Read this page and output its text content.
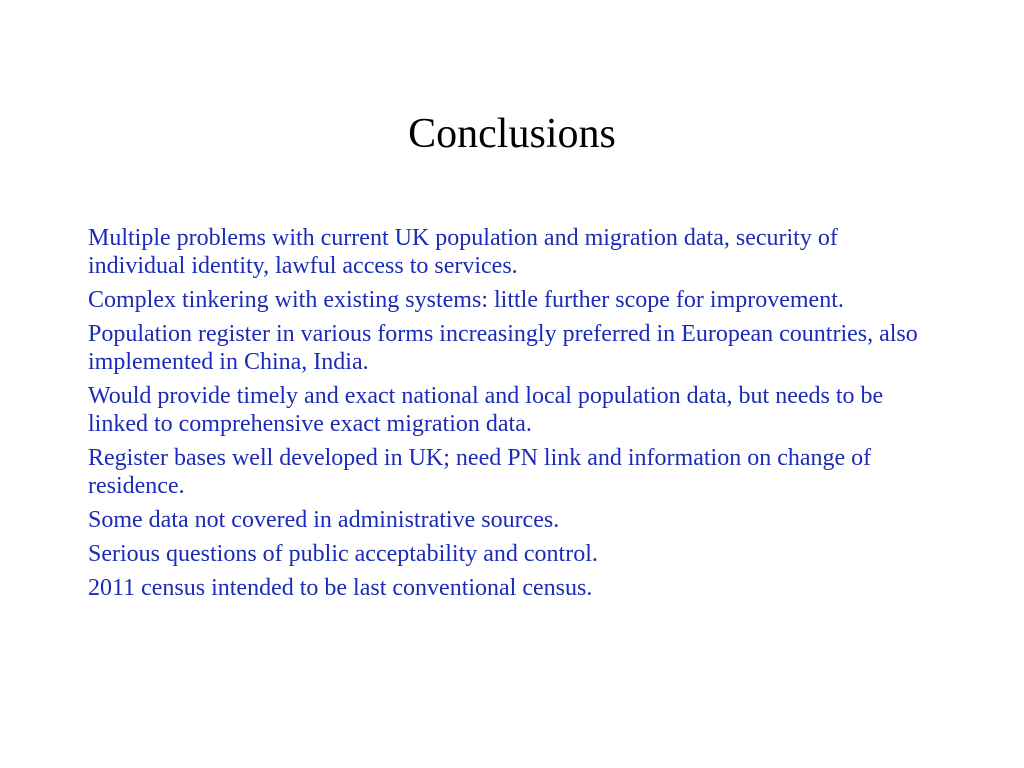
Conclusions
Multiple problems with current UK population and migration data, security of individual identity, lawful access to services.
Complex tinkering with existing systems: little further scope for improvement.
Population register in various forms increasingly preferred in European countries, also implemented in China, India.
Would provide timely and exact national and local population data, but needs to be linked to comprehensive exact migration data.
Register bases well developed in UK; need PN link and information on change of residence.
Some data not covered in administrative sources.
Serious questions of public acceptability and control.
2011 census intended to be last conventional census.
